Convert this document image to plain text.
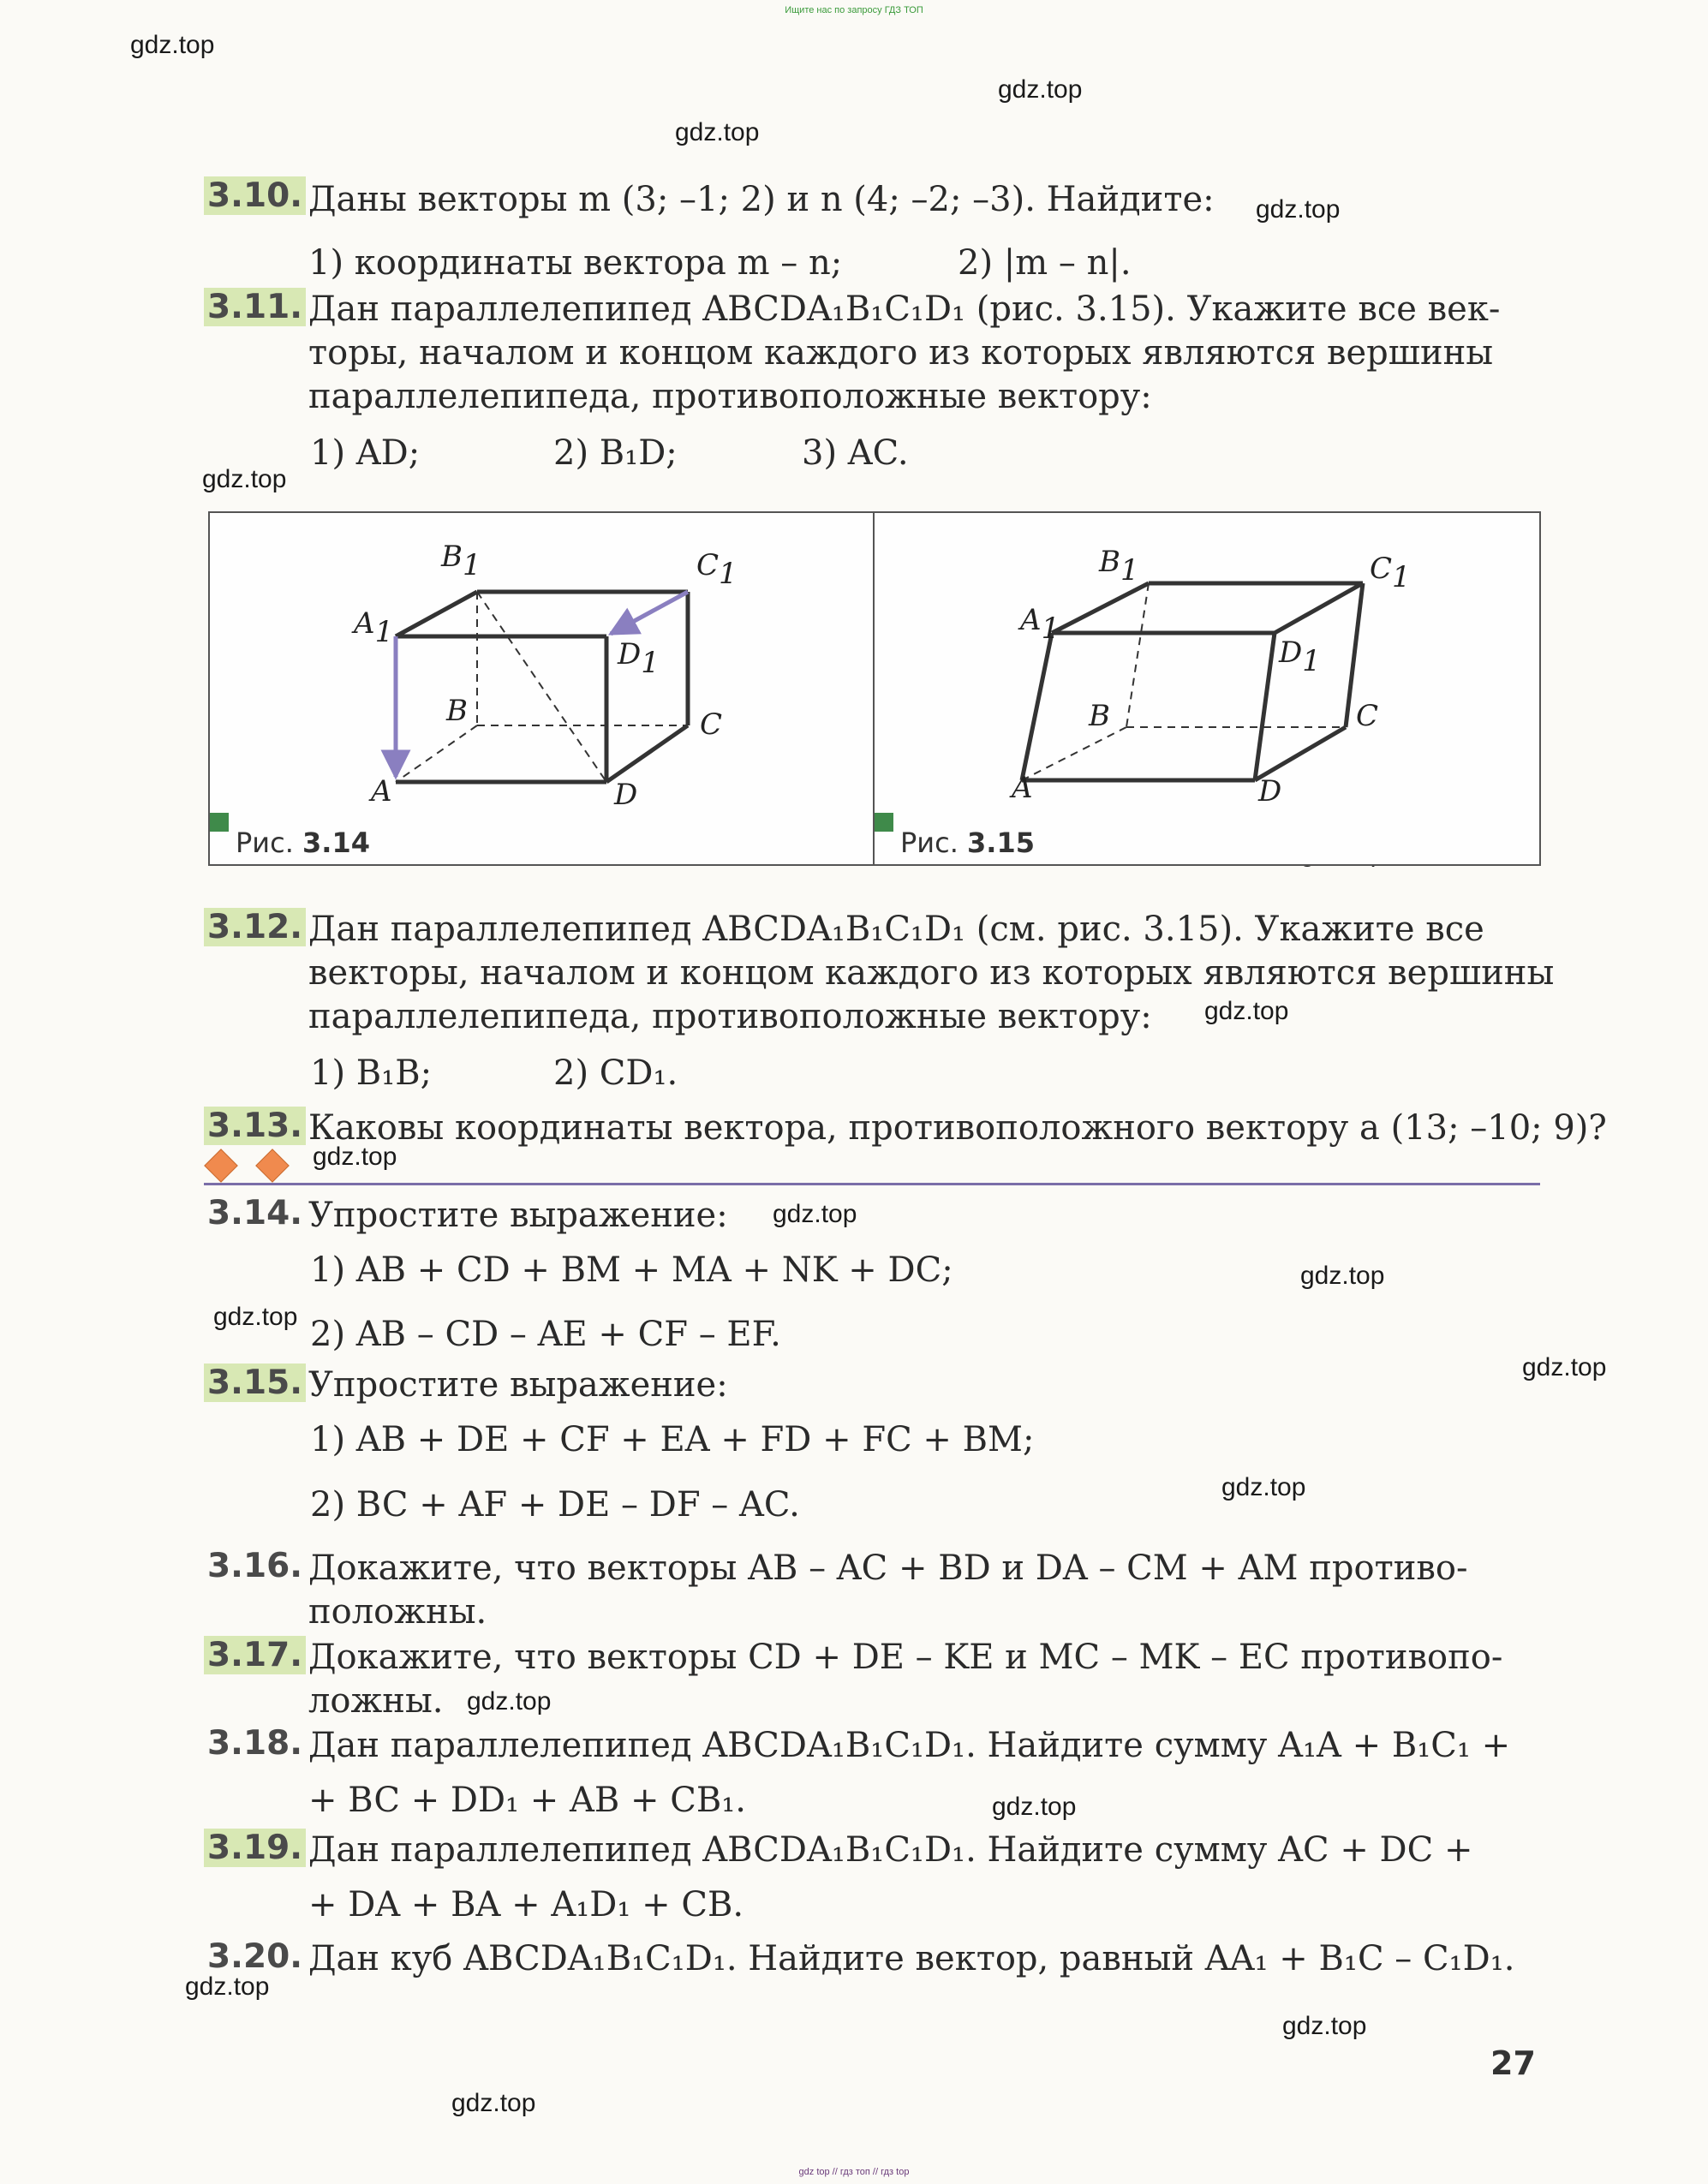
Ищите нас по запросу ГДЗ ТОП
gdz.top
gdz.top
gdz.top
gdz.top
gdz.top
gdz.top
gdz.top
gdz.top
gdz.top
gdz.top
gdz.top
gdz.top
gdz.top
gdz.top
gdz.top
gdz.top
gdz.top
3.10. Даны векторы m (3; –1; 2) и n (4; –2; –3). Найдите:
1) координаты вектора m – n;	2) |m – n|.
3.11. Дан параллелепипед ABCDA₁B₁C₁D₁ (рис. 3.15). Укажите все век-
торы, началом и концом каждого из которых являются вершины
параллелепипеда, противоположные вектору:
1) AD;	2) B₁D;	3) AC.
A1
B1	C1
D1
B	C
A	D
Рис. 3.14
A1
B1	C1
D1
B	C
A	D
Рис. 3.15
3.12. Дан параллелепипед ABCDA₁B₁C₁D₁ (см. рис. 3.15). Укажите все
векторы, началом и концом каждого из которых являются вершины
параллелепипеда, противоположные вектору:
1) B₁B;	2) CD₁.
3.13. Каковы координаты вектора, противоположного вектору a (13; –10; 9)?
3.14. Упростите выражение:
1) AB + CD + BM + MA + NK + DC;
2) AB – CD – AE + CF – EF.
3.15. Упростите выражение:
1) AB + DE + CF + EA + FD + FC + BM;
2) BC + AF + DE – DF – AC.
3.16. Докажите, что векторы AB – AC + BD и DA – CM + AM противо-
положны.
3.17. Докажите, что векторы CD + DE – KE и MC – MK – EC противопо-
ложны.
3.18. Дан параллелепипед ABCDA₁B₁C₁D₁. Найдите сумму A₁A + B₁C₁ +
+ BC + DD₁ + AB + CB₁.
3.19. Дан параллелепипед ABCDA₁B₁C₁D₁. Найдите сумму AC + DC +
+ DA + BA + A₁D₁ + CB.
3.20. Дан куб ABCDA₁B₁C₁D₁. Найдите вектор, равный AA₁ + B₁C – C₁D₁.
27
gdz top // гдз топ // гдз top
